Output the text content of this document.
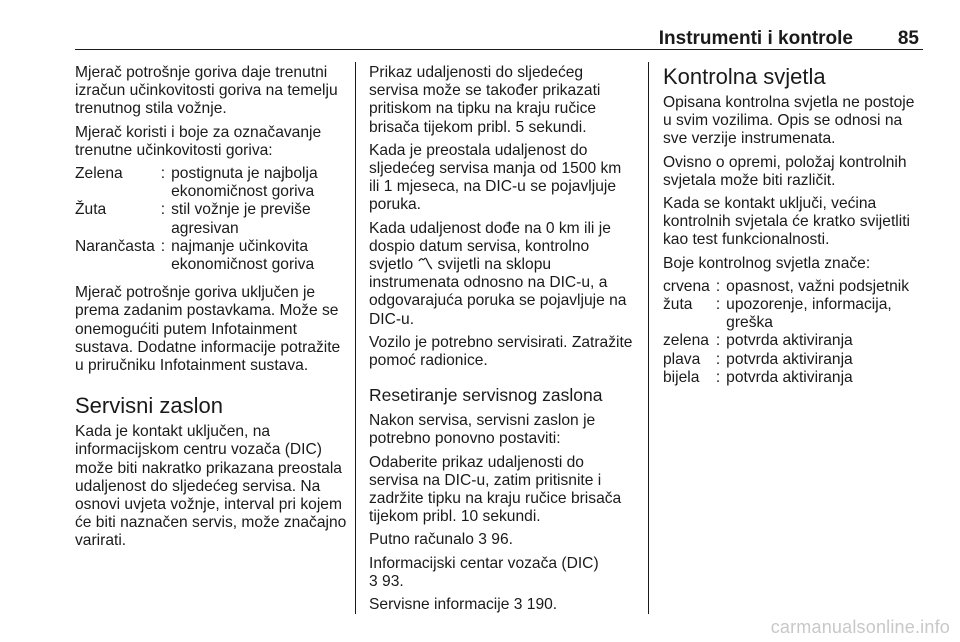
Instrumenti i kontrole 85

Mjerač potrošnje goriva daje trenutni izračun učinkovitosti goriva na temelju trenutnog stila vožnje.

Mjerač koristi i boje za označavanje trenutne učinkovitosti goriva:

Zelena	:	postignuta je najbolja ekonomičnost goriva
Žuta	:	stil vožnje je previše agresivan
Narančasta	:	najmanje učinkovita ekonomičnost goriva

Mjerač potrošnje goriva uključen je prema zadanim postavkama. Može se onemogućiti putem Infotainment sustava. Dodatne informacije potražite u priručniku Infotainment sustava.

Servisni zaslon

Kada je kontakt uključen, na informacijskom centru vozača (DIC) može biti nakratko prikazana preostala udaljenost do sljedećeg servisa. Na osnovi uvjeta vožnje, interval pri kojem će biti naznačen servis, može značajno varirati.

Prikaz udaljenosti do sljedećeg servisa može se također prikazati pritiskom na tipku na kraju ručice brisača tijekom pribl. 5 sekundi.

Kada je preostala udaljenost do sljedećeg servisa manja od 1500 km ili 1 mjeseca, na DIC-u se pojavljuje poruka.

Kada udaljenost dođe na 0 km ili je dospio datum servisa, kontrolno svjetlo 〽 svijetli na sklopu instrumenata odnosno na DIC-u, a odgovarajuća poruka se pojavljuje na DIC-u.

Vozilo je potrebno servisirati. Zatražite pomoć radionice.

Resetiranje servisnog zaslona

Nakon servisa, servisni zaslon je potrebno ponovno postaviti:

Odaberite prikaz udaljenosti do servisa na DIC-u, zatim pritisnite i zadržite tipku na kraju ručice brisača tijekom pribl. 10 sekundi.

Putno računalo 3 96.

Informacijski centar vozača (DIC)
3 93.

Servisne informacije 3 190.

Kontrolna svjetla

Opisana kontrolna svjetla ne postoje u svim vozilima. Opis se odnosi na sve verzije instrumenata.

Ovisno o opremi, položaj kontrolnih svjetala može biti različit.

Kada se kontakt uključi, većina kontrolnih svjetala će kratko svijetliti kao test funkcionalnosti.

Boje kontrolnog svjetla znače:

crvena	:	opasnost, važni podsjetnik
žuta	:	upozorenje, informacija, greška
zelena	:	potvrda aktiviranja
plava	:	potvrda aktiviranja
bijela	:	potvrda aktiviranja
carmanualsonline.info
